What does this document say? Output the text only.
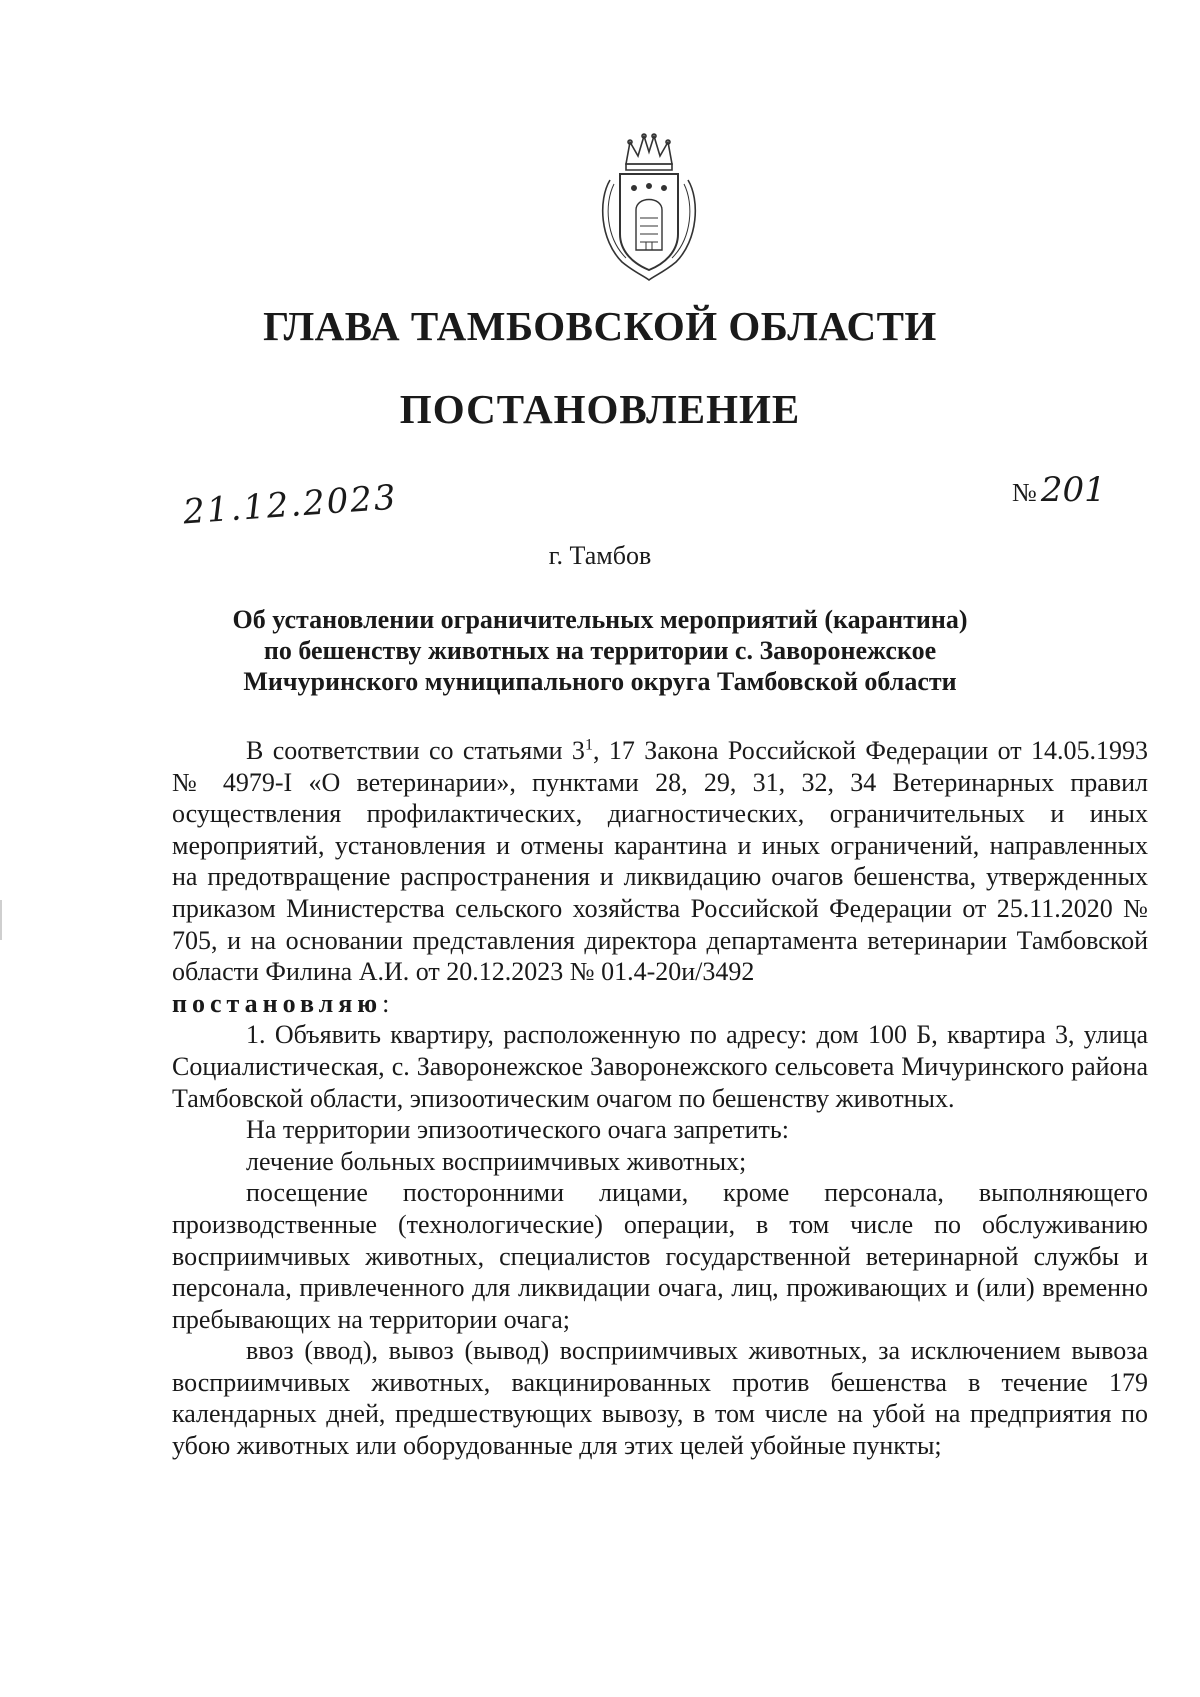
ГЛАВА ТАМБОВСКОЙ ОБЛАСТИ
ПОСТАНОВЛЕНИЕ
21.12.2023	№ 201
г. Тамбов
Об установлении ограничительных мероприятий (карантина)
по бешенству животных на территории с. Заворонежское
Мичуринского муниципального округа Тамбовской области

В соответствии со статьями $3^1$, 17 Закона Российской Федерации от 14.05.1993 № 4979-I «О ветеринарии», пунктами 28, 29, 31, 32, 34 Ветеринарных правил осуществления профилактических, диагностических, ограничительных и иных мероприятий, установления и отмены карантина и иных ограничений, направленных на предотвращение распространения и ликвидацию очагов бешенства, утвержденных приказом Министерства сельского хозяйства Российской Федерации от 25.11.2020 № 705, и на основании представления директора департамента ветеринарии Тамбовской области Филина А.И. от 20.12.2023 № 01.4-20и/3492

постановляю:

1. Объявить квартиру, расположенную по адресу: дом 100 Б, квартира 3, улица Социалистическая, с. Заворонежское Заворонежского сельсовета Мичуринского района Тамбовской области, эпизоотическим очагом по бешенству животных.

На территории эпизоотического очага запретить:

лечение больных восприимчивых животных;

посещение посторонними лицами, кроме персонала, выполняющего производственные (технологические) операции, в том числе по обслуживанию восприимчивых животных, специалистов государственной ветеринарной службы и персонала, привлеченного для ликвидации очага, лиц, проживающих и (или) временно пребывающих на территории очага;

ввоз (ввод), вывоз (вывод) восприимчивых животных, за исключением вывоза восприимчивых животных, вакцинированных против бешенства в течение 179 календарных дней, предшествующих вывозу, в том числе на убой на предприятия по убою животных или оборудованные для этих целей убойные пункты;
